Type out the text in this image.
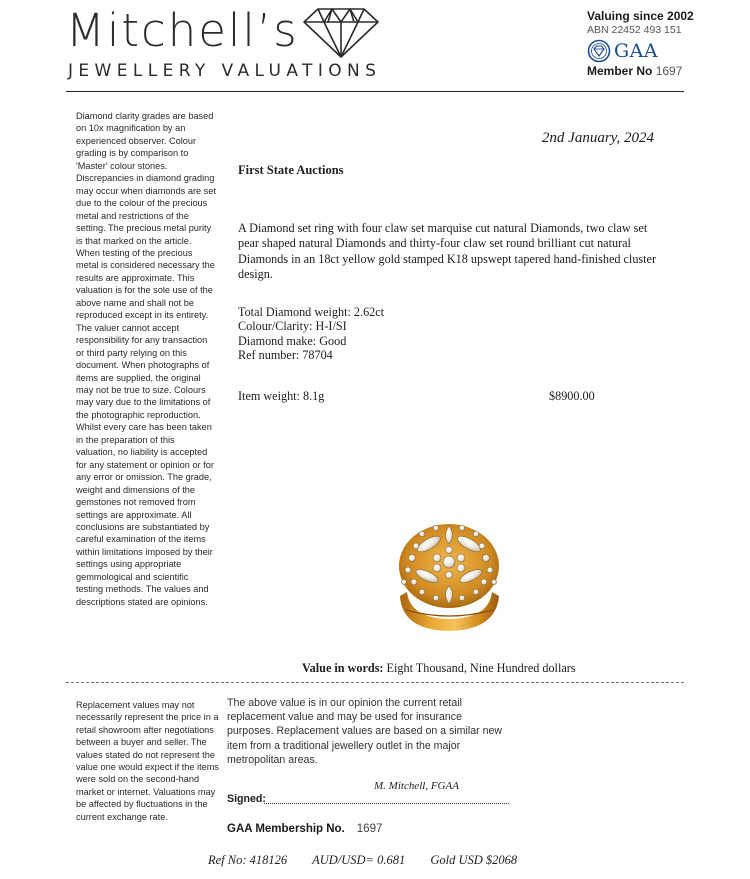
Mitchell’s
JEWELLERY VALUATIONS
Valuing since 2002
ABN 22452 493 151
GAA
Member No 1697
Diamond clarity grades are based on 10x magnification by an experienced observer. Colour grading is by comparison to 'Master' colour stones. Discrepancies in diamond grading may occur when diamonds are set due to the colour of the precious metal and restrictions of the setting. The precious metal purity is that marked on the article. When testing of the precious metal is considered necessary the results are approximate. This valuation is for the sole use of the above name and shall not be reproduced except in its entirety. The valuer cannot accept responsibility for any transaction or third party relying on this document. When photographs of items are supplied, the original may not be true to size. Colours may vary due to the limitations of the photographic reproduction. Whilst every care has been taken in the preparation of this valuation, no liability is accepted for any statement or opinion or for any error or omission. The grade, weight and dimensions of the gemstones not removed from settings are approximate. All conclusions are substantiated by careful examination of the items within limitations imposed by their settings using appropriate gemmological and scientific testing methods. The values and descriptions stated are opinions.
2nd January, 2024
First State Auctions
A Diamond set ring with four claw set marquise cut natural Diamonds, two claw set pear shaped natural Diamonds and thirty-four claw set round brilliant cut natural Diamonds in an 18ct yellow gold stamped K18 upswept tapered hand-finished cluster design.
Total Diamond weight: 2.62ct
Colour/Clarity: H-I/SI
Diamond make: Good
Ref number: 78704
Item weight: 8.1g	$8900.00
Value in words: Eight Thousand, Nine Hundred dollars
Replacement values may not necessarily represent the price in a retail showroom after negotiations between a buyer and seller. The values stated do not represent the value one would expect if the items were sold on the second-hand market or internet. Valuations may be affected by fluctuations in the current exchange rate.
The above value is in our opinion the current retail replacement value and may be used for insurance purposes. Replacement values are based on a similar new item from a traditional jewellery outlet in the major metropolitan areas.
M. Mitchell, FGAA
Signed:
GAA Membership No. 1697
Ref No: 418126 AUD/USD= 0.681 Gold USD $2068
